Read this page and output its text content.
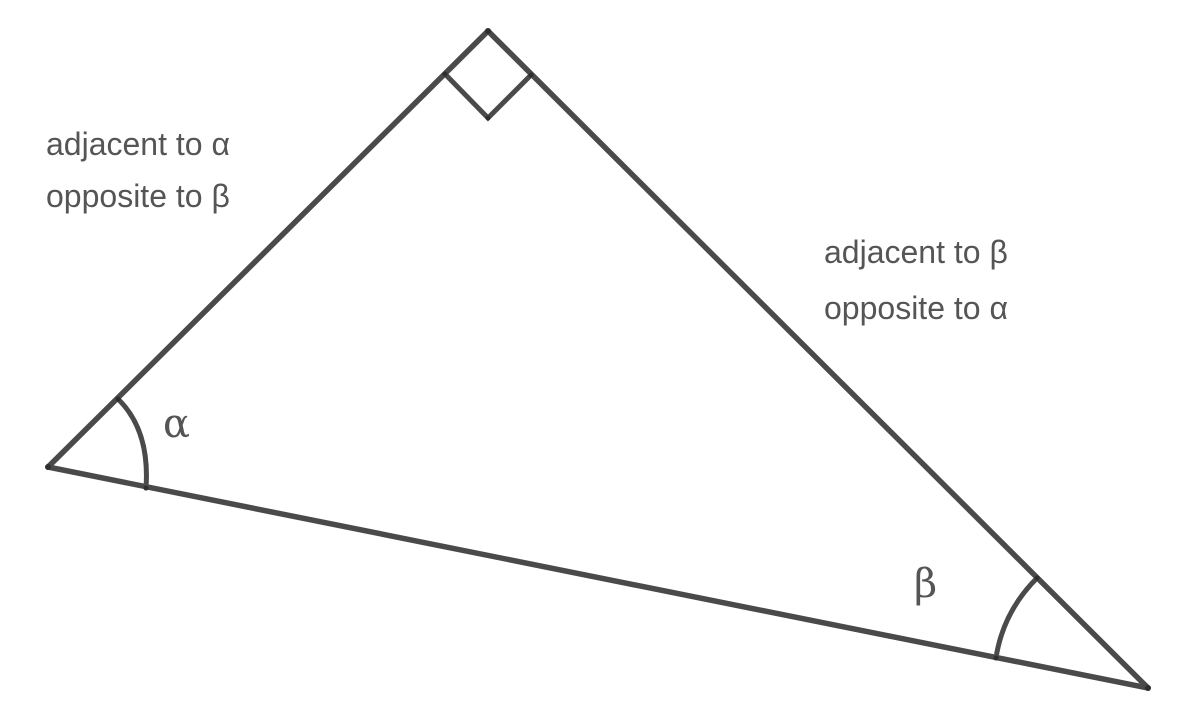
adjacent to α
opposite to β
adjacent to β
opposite to α
α
β
